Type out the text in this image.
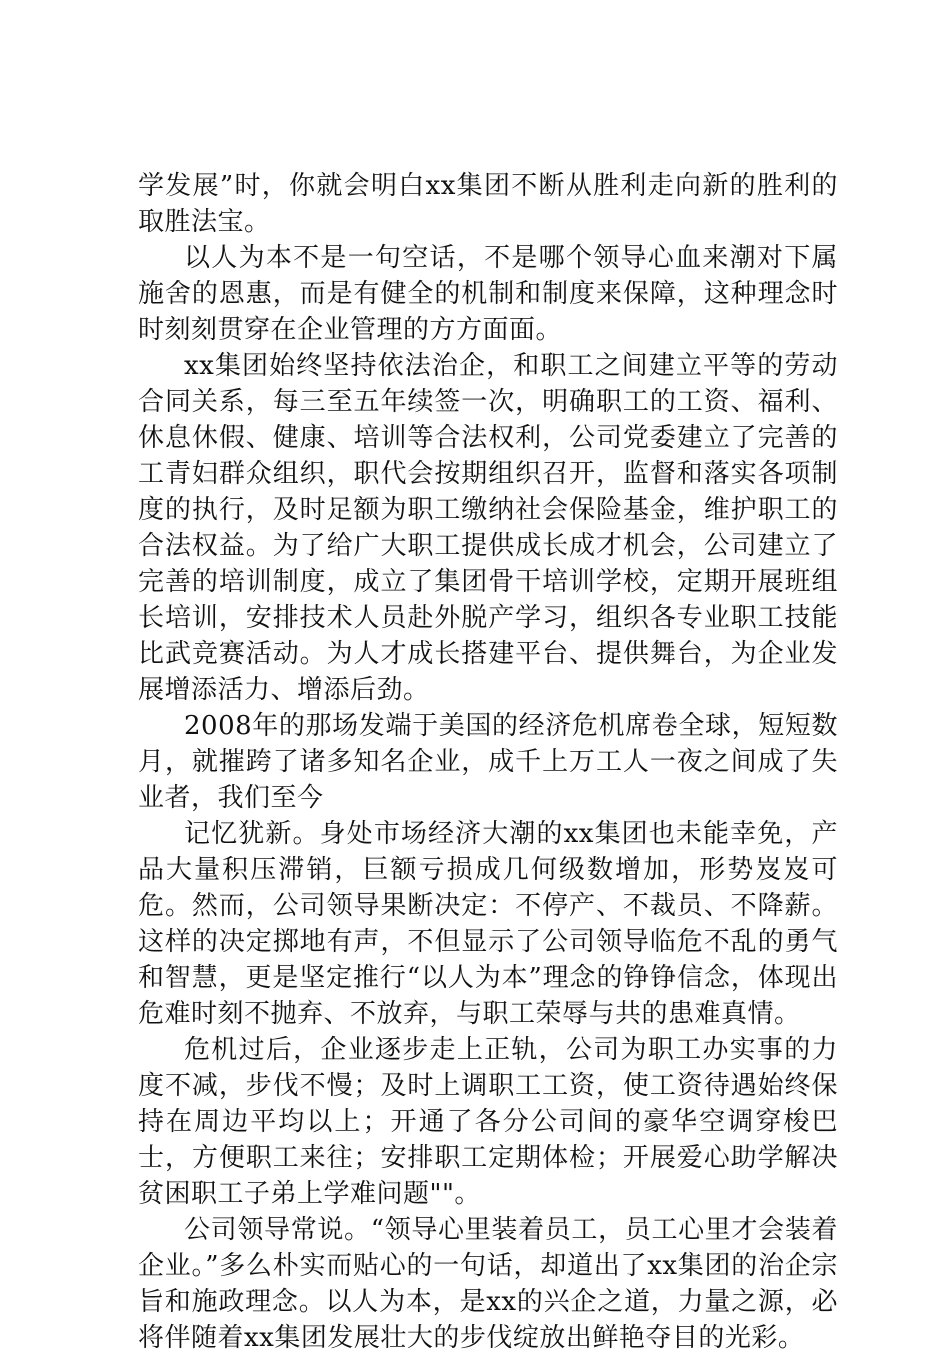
学发展”时，你就会明白xx集团不断从胜利走向新的胜利的取胜法宝。

以人为本不是一句空话，不是哪个领导心血来潮对下属施舍的恩惠，而是有健全的机制和制度来保障，这种理念时时刻刻贯穿在企业管理的方方面面。

xx集团始终坚持依法治企，和职工之间建立平等的劳动合同关系，每三至五年续签一次，明确职工的工资、福利、休息休假、健康、培训等合法权利，公司党委建立了完善的工青妇群众组织，职代会按期组织召开，监督和落实各项制度的执行，及时足额为职工缴纳社会保险基金，维护职工的合法权益。为了给广大职工提供成长成才机会，公司建立了完善的培训制度，成立了集团骨干培训学校，定期开展班组长培训，安排技术人员赴外脱产学习，组织各专业职工技能比武竞赛活动。为人才成长搭建平台、提供舞台，为企业发展增添活力、增添后劲。

2008年的那场发端于美国的经济危机席卷全球，短短数月，就摧跨了诸多知名企业，成千上万工人一夜之间成了失业者，我们至今

记忆犹新。身处市场经济大潮的xx集团也未能幸免，产品大量积压滞销，巨额亏损成几何级数增加，形势岌岌可危。然而，公司领导果断决定：不停产、不裁员、不降薪。这样的决定掷地有声，不但显示了公司领导临危不乱的勇气和智慧，更是坚定推行“以人为本”理念的铮铮信念，体现出危难时刻不抛弃、不放弃，与职工荣辱与共的患难真情。

危机过后，企业逐步走上正轨，公司为职工办实事的力度不减，步伐不慢；及时上调职工工资，使工资待遇始终保持在周边平均以上；开通了各分公司间的豪华空调穿梭巴士，方便职工来往；安排职工定期体检；开展爱心助学解决贫困职工子弟上学难问题""。

公司领导常说。“领导心里装着员工，员工心里才会装着企业。”多么朴实而贴心的一句话，却道出了xx集团的治企宗旨和施政理念。以人为本，是xx的兴企之道，力量之源，必将伴随着xx集团发展壮大的步伐绽放出鲜艳夺目的光彩。
